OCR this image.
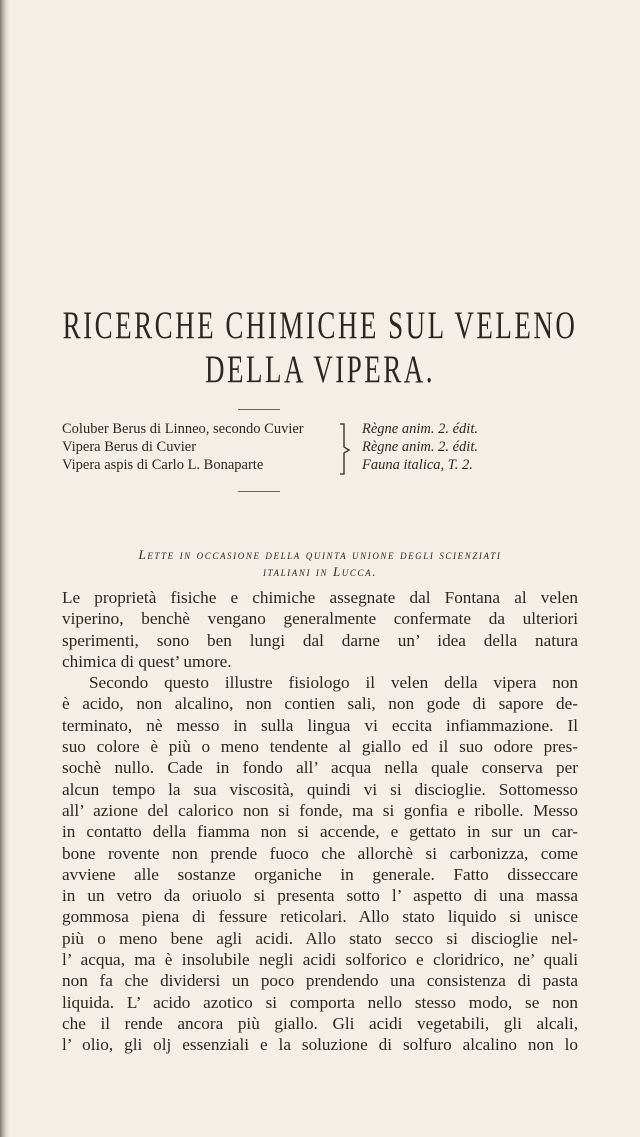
RICERCHE CHIMICHE SUL VELENO
DELLA VIPERA.
Coluber Berus di Linneo, secondo Cuvier
Vipera Berus di Cuvier
Vipera aspis di Carlo L. Bonaparte
Règne anim. 2. édit.
Règne anim. 2. édit.
Fauna italica, T. 2.
Lette in occasione della quinta unione degli scienziati
italiani in Lucca.
Le proprietà fisiche e chimiche assegnate dal Fontana al velen
viperino, benchè vengano generalmente confermate da ulteriori
sperimenti, sono ben lungi dal darne un’ idea della natura
chimica di quest’ umore.
Secondo questo illustre fisiologo il velen della vipera non
è acido, non alcalino, non contien sali, non gode di sapore de-
terminato, nè messo in sulla lingua vi eccita infiammazione. Il
suo colore è più o meno tendente al giallo ed il suo odore pres-
sochè nullo. Cade in fondo all’ acqua nella quale conserva per
alcun tempo la sua viscosità, quindi vi si discioglie. Sottomesso
all’ azione del calorico non si fonde, ma si gonfia e ribolle. Messo
in contatto della fiamma non si accende, e gettato in sur un car-
bone rovente non prende fuoco che allorchè si carbonizza, come
avviene alle sostanze organiche in generale. Fatto disseccare
in un vetro da oriuolo si presenta sotto l’ aspetto di una massa
gommosa piena di fessure reticolari. Allo stato liquido si unisce
più o meno bene agli acidi. Allo stato secco si discioglie nel-
l’ acqua, ma è insolubile negli acidi solforico e cloridrico, ne’ quali
non fa che dividersi un poco prendendo una consistenza di pasta
liquida. L’ acido azotico si comporta nello stesso modo, se non
che il rende ancora più giallo. Gli acidi vegetabili, gli alcali,
l’ olio, gli olj essenziali e la soluzione di solfuro alcalino non lo
